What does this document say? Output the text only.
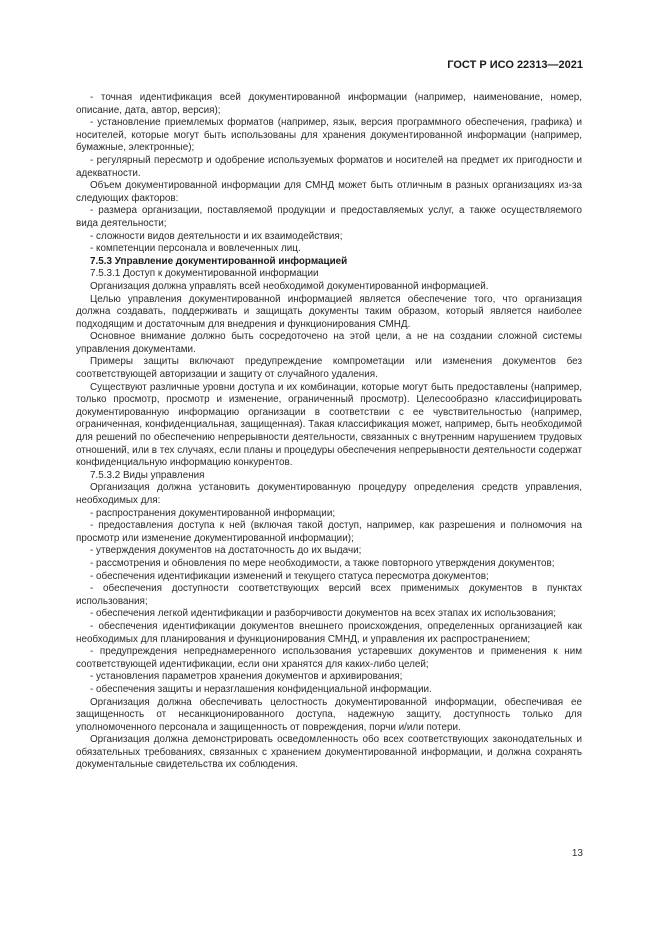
ГОСТ Р ИСО 22313—2021

- точная идентификация всей документированной информации (например, наименование, номер, описание, дата, автор, версия);

- установление приемлемых форматов (например, язык, версия программного обеспечения, графика) и носителей, которые могут быть использованы для хранения документированной информации (например, бумажные, электронные);

- регулярный пересмотр и одобрение используемых форматов и носителей на предмет их пригодности и адекватности.

Объем документированной информации для СМНД может быть отличным в разных организациях из-за следующих факторов:

- размера организации, поставляемой продукции и предоставляемых услуг, а также осуществляемого вида деятельности;

- сложности видов деятельности и их взаимодействия;

- компетенции персонала и вовлеченных лиц.

7.5.3 Управление документированной информацией

7.5.3.1 Доступ к документированной информации

Организация должна управлять всей необходимой документированной информацией.

Целью управления документированной информацией является обеспечение того, что организация должна создавать, поддерживать и защищать документы таким образом, который является наиболее подходящим и достаточным для внедрения и функционирования СМНД.

Основное внимание должно быть сосредоточено на этой цели, а не на создании сложной системы управления документами.

Примеры защиты включают предупреждение компрометации или изменения документов без соответствующей авторизации и защиту от случайного удаления.

Существуют различные уровни доступа и их комбинации, которые могут быть предоставлены (например, только просмотр, просмотр и изменение, ограниченный просмотр). Целесообразно классифицировать документированную информацию организации в соответствии с ее чувствительностью (например, ограниченная, конфиденциальная, защищенная). Такая классификация может, например, быть необходимой для решений по обеспечению непрерывности деятельности, связанных с внутренним нарушением трудовых отношений, или в тех случаях, если планы и процедуры обеспечения непрерывности деятельности содержат конфиденциальную информацию конкурентов.

7.5.3.2 Виды управления

Организация должна установить документированную процедуру определения средств управления, необходимых для:

- распространения документированной информации;

- предоставления доступа к ней (включая такой доступ, например, как разрешения и полномочия на просмотр или изменение документированной информации);

- утверждения документов на достаточность до их выдачи;

- рассмотрения и обновления по мере необходимости, а также повторного утверждения документов;

- обеспечения идентификации изменений и текущего статуса пересмотра документов;

- обеспечения доступности соответствующих версий всех применимых документов в пунктах использования;

- обеспечения легкой идентификации и разборчивости документов на всех этапах их использования;

- обеспечения идентификации документов внешнего происхождения, определенных организацией как необходимых для планирования и функционирования СМНД, и управления их распространением;

- предупреждения непреднамеренного использования устаревших документов и применения к ним соответствующей идентификации, если они хранятся для каких-либо целей;

- установления параметров хранения документов и архивирования;

- обеспечения защиты и неразглашения конфиденциальной информации.

Организация должна обеспечивать целостность документированной информации, обеспечивая ее защищенность от несанкционированного доступа, надежную защиту, доступность только для уполномоченного персонала и защищенность от повреждения, порчи и/или потери.

Организация должна демонстрировать осведомленность обо всех соответствующих законодательных и обязательных требованиях, связанных с хранением документированной информации, и должна сохранять документальные свидетельства их соблюдения.

13
